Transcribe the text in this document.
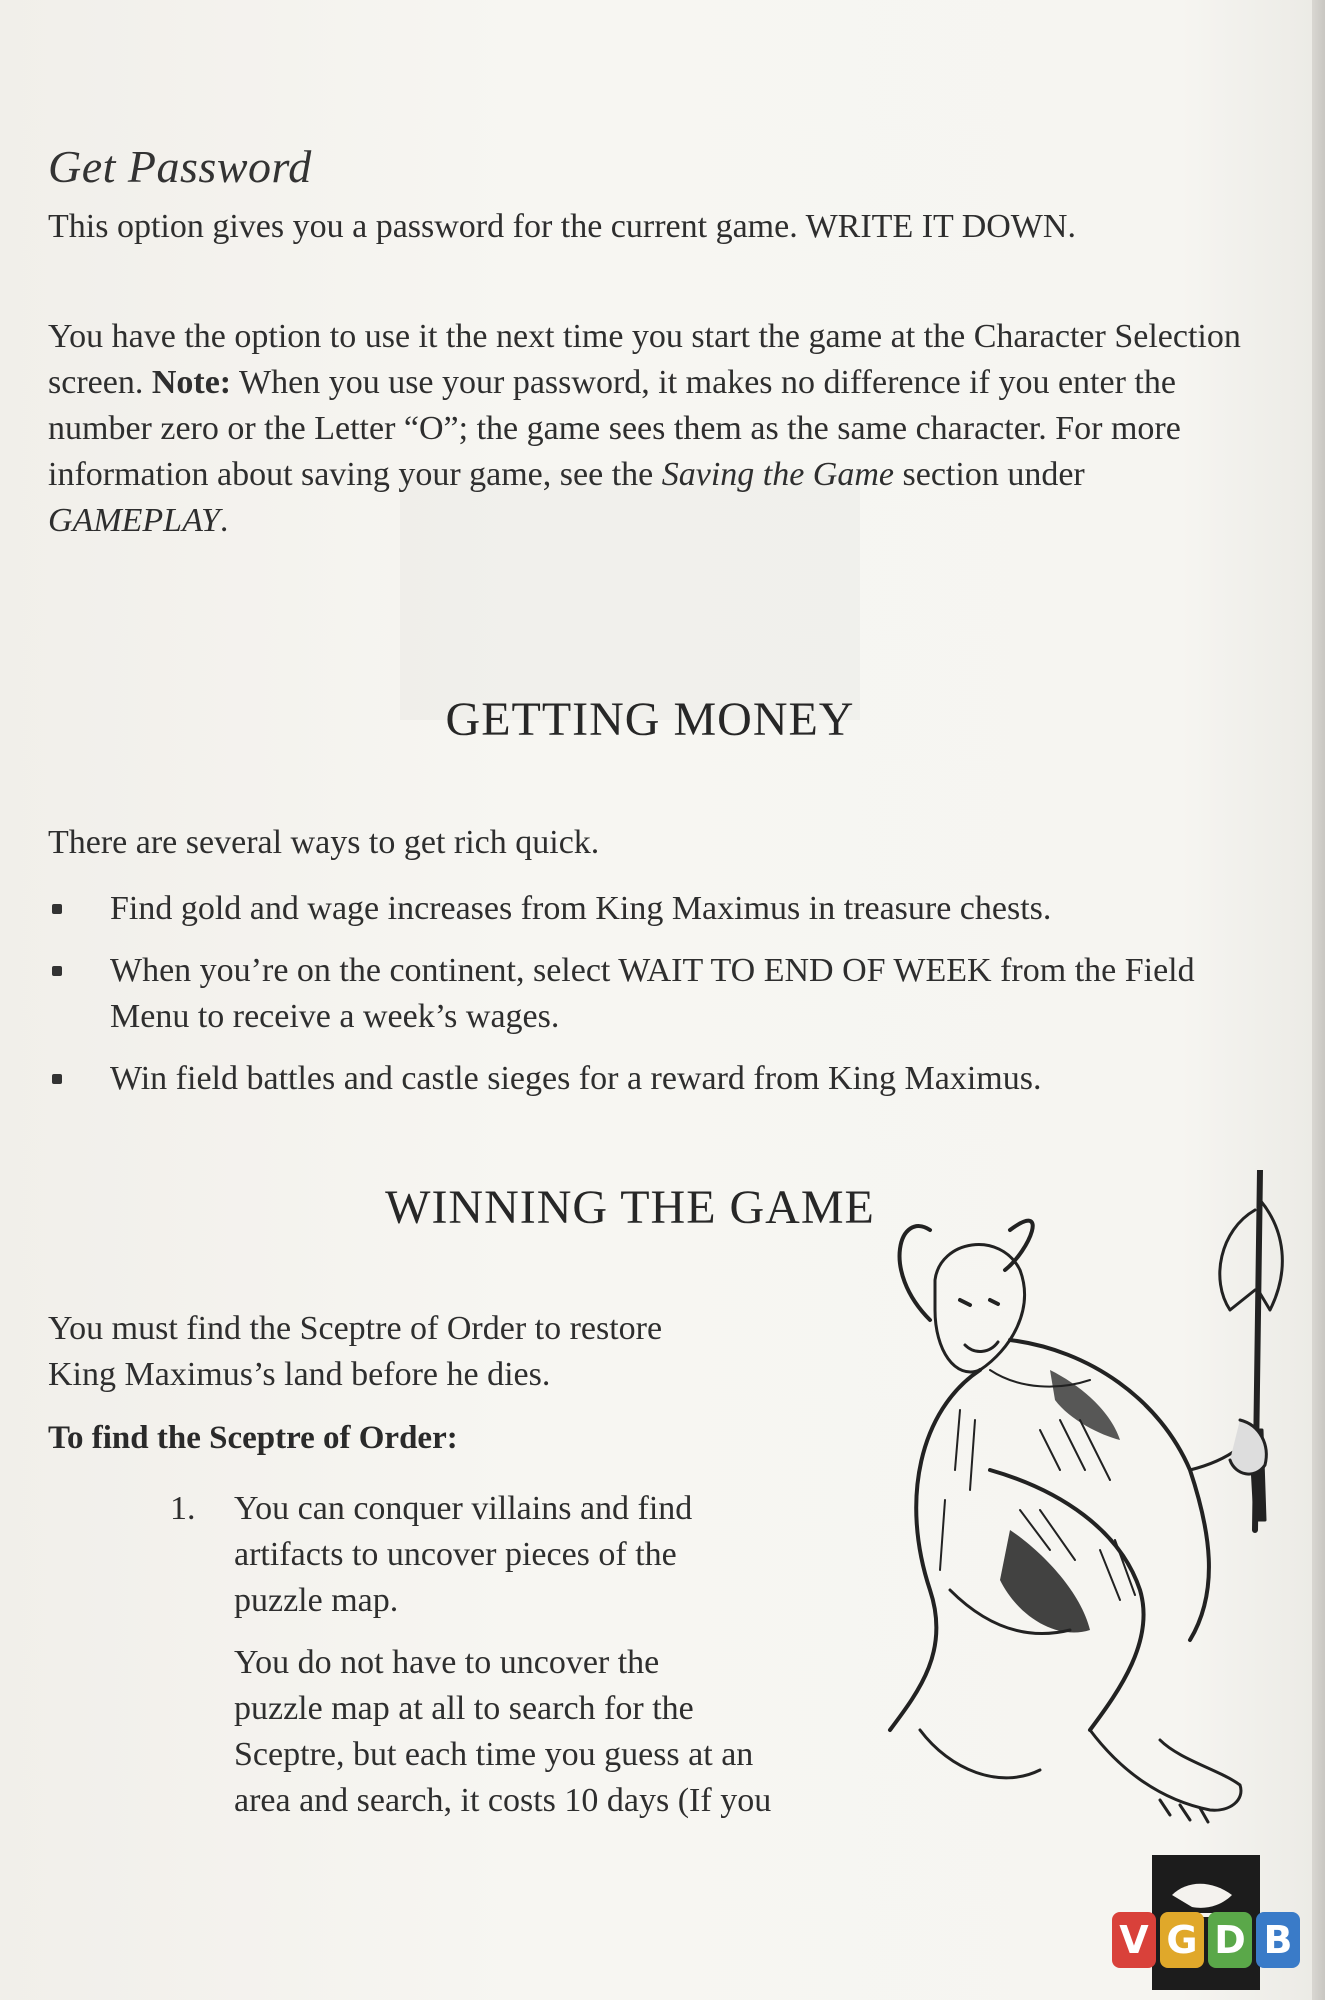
Get Password
This option gives you a password for the current game. WRITE IT DOWN.
You have the option to use it the next time you start the game at the Character Selection screen. Note: When you use your password, it makes no difference if you enter the number zero or the Letter “O”; the game sees them as the same character. For more information about saving your game, see the Saving the Game section under GAMEPLAY.
GETTING MONEY
There are several ways to get rich quick.
Find gold and wage increases from King Maximus in treasure chests.
When you’re on the continent, select WAIT TO END OF WEEK from the Field Menu to receive a week’s wages.
Win field battles and castle sieges for a reward from King Maximus.
WINNING THE GAME
You must find the Sceptre of Order to restore
King Maximus’s land before he dies.
To find the Sceptre of Order:
1. You can conquer villains and find
artifacts to uncover pieces of the
puzzle map.
You do not have to uncover the
puzzle map at all to search for the
Sceptre, but each time you guess at an
area and search, it costs 10 days (If you
V G D B
